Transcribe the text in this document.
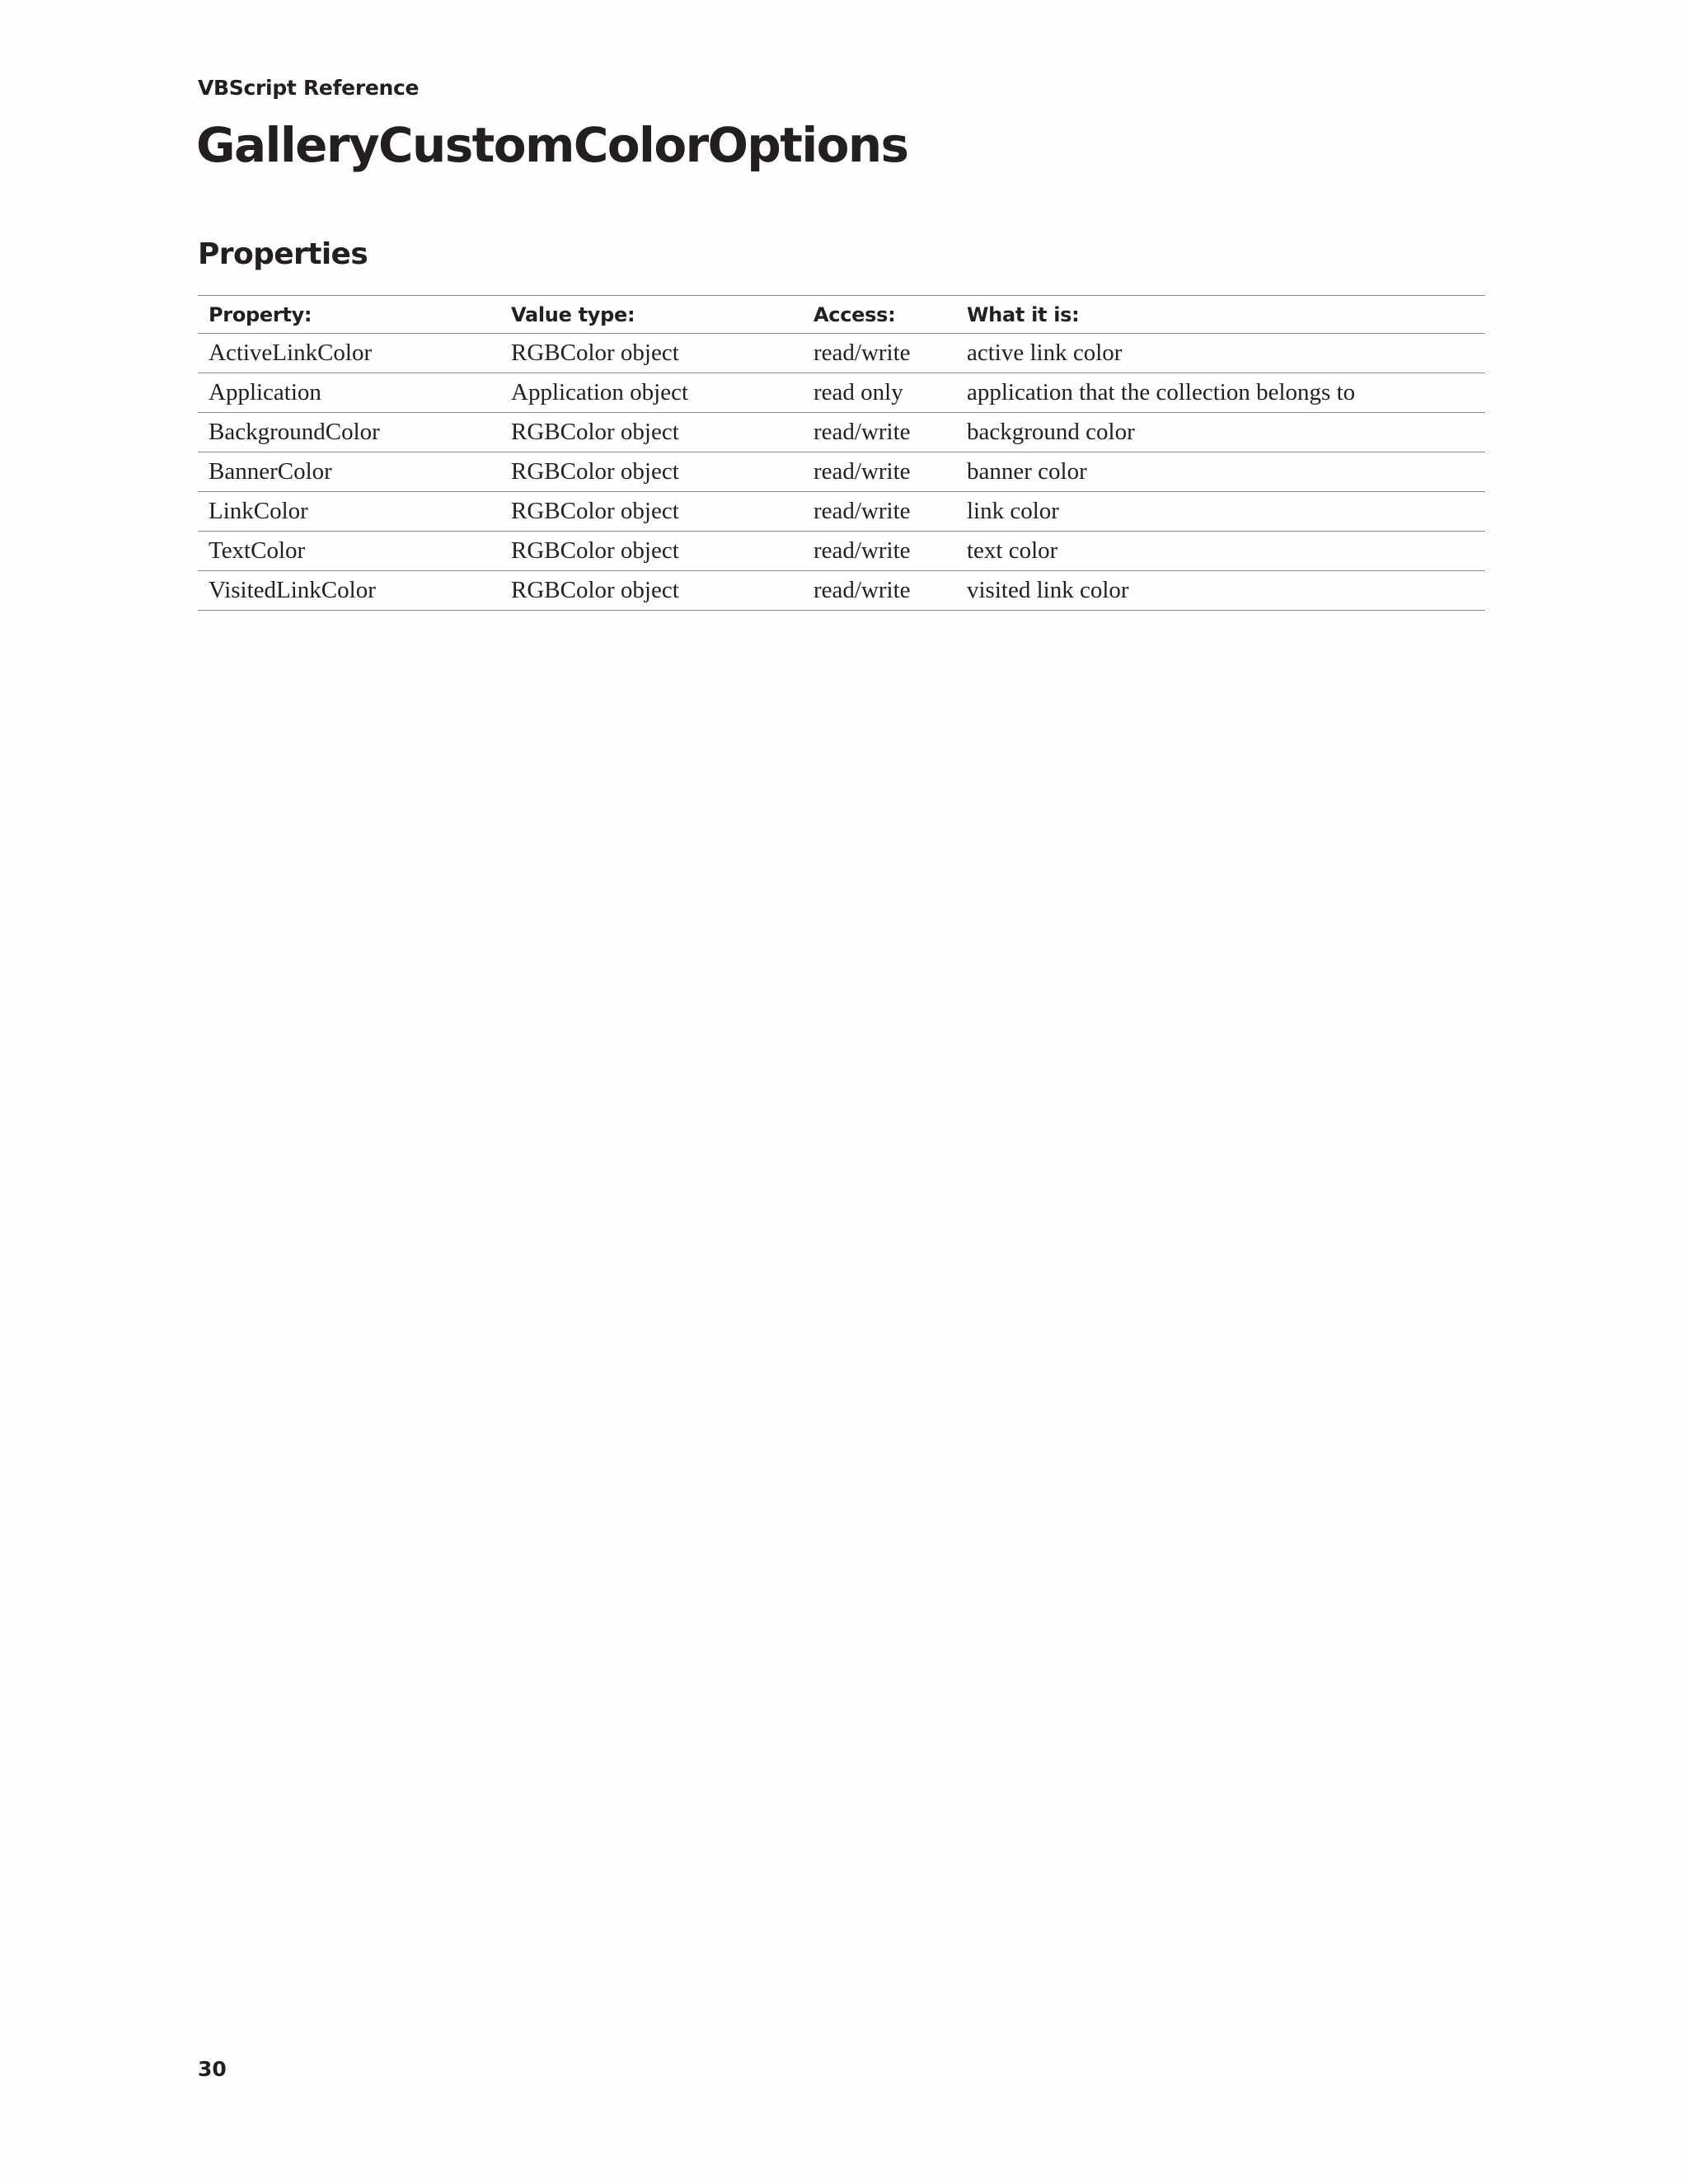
VBScript Reference
GalleryCustomColorOptions
Properties
Property:	Value type:	Access:	What it is:
ActiveLinkColor	RGBColor object	read/write	active link color
Application	Application object	read only	application that the collection belongs to
BackgroundColor	RGBColor object	read/write	background color
BannerColor	RGBColor object	read/write	banner color
LinkColor	RGBColor object	read/write	link color
TextColor	RGBColor object	read/write	text color
VisitedLinkColor	RGBColor object	read/write	visited link color
30
